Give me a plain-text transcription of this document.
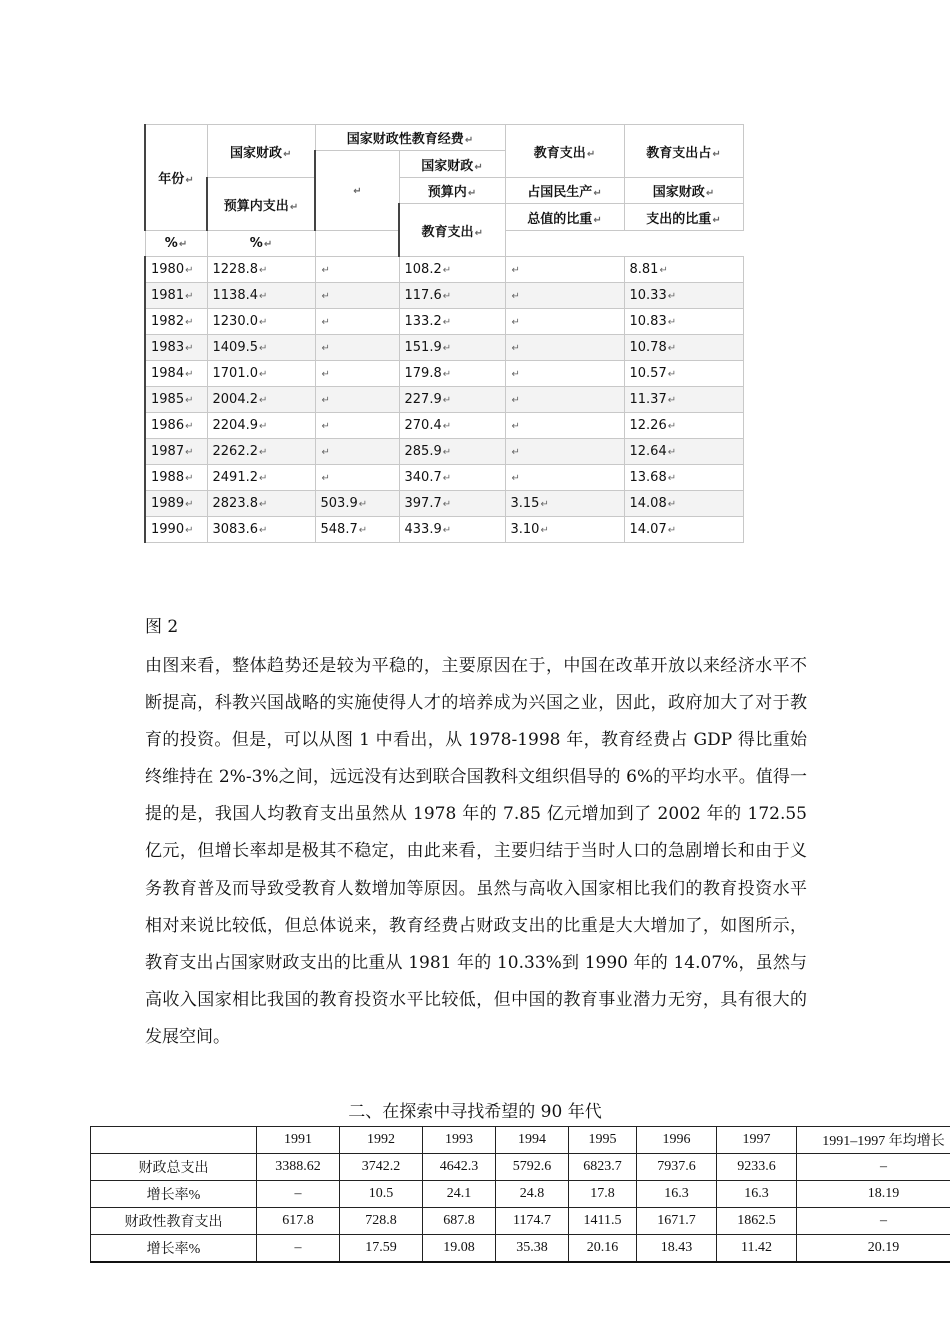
年份↵	国家财政↵	国家财政性教育经费↵		教育支出↵	教育支出占↵
		↵	国家财政↵		
	预算内支出↵		预算内↵	占国民生产↵	国家财政↵
			教育支出↵	总值的比重↵	支出的比重↵
%↵	%↵				
1980↵	1228.8↵	↵	108.2↵	↵	8.81↵
1981↵	1138.4↵	↵	117.6↵	↵	10.33↵
1982↵	1230.0↵	↵	133.2↵	↵	10.83↵
1983↵	1409.5↵	↵	151.9↵	↵	10.78↵
1984↵	1701.0↵	↵	179.8↵	↵	10.57↵
1985↵	2004.2↵	↵	227.9↵	↵	11.37↵
1986↵	2204.9↵	↵	270.4↵	↵	12.26↵
1987↵	2262.2↵	↵	285.9↵	↵	12.64↵
1988↵	2491.2↵	↵	340.7↵	↵	13.68↵
1989↵	2823.8↵	503.9↵	397.7↵	3.15↵	14.08↵
1990↵	3083.6↵	548.7↵	433.9↵	3.10↵	14.07↵
图 2

由图来看，整体趋势还是较为平稳的，主要原因在于，中国在改革开放以来经济水平不断提高，科教兴国战略的实施使得人才的培养成为兴国之业，因此，政府加大了对于教育的投资。但是，可以从图 1 中看出，从 1978-1998 年，教育经费占 GDP 得比重始终维持在 2%-3%之间，远远没有达到联合国教科文组织倡导的 6%的平均水平。值得一提的是，我国人均教育支出虽然从 1978 年的 7.85 亿元增加到了 2002 年的 172.55 亿元，但增长率却是极其不稳定，由此来看，主要归结于当时人口的急剧增长和由于义务教育普及而导致受教育人数增加等原因。虽然与高收入国家相比我们的教育投资水平相对来说比较低，但总体说来，教育经费占财政支出的比重是大大增加了，如图所示，教育支出占国家财政支出的比重从 1981 年的 10.33%到 1990 年的 14.07%，虽然与高收入国家相比我国的教育投资水平比较低，但中国的教育事业潜力无穷，具有很大的发展空间。

二、在探索中寻找希望的 90 年代
	1991	1992	1993	1994	1995	1996	1997	1991–1997 年均增长
财政总支出	3388.62	3742.2	4642.3	5792.6	6823.7	7937.6	9233.6	–
增长率%	–	10.5	24.1	24.8	17.8	16.3	16.3	18.19
财政性教育支出	617.8	728.8	687.8	1174.7	1411.5	1671.7	1862.5	–
增长率%	–	17.59	19.08	35.38	20.16	18.43	11.42	20.19
